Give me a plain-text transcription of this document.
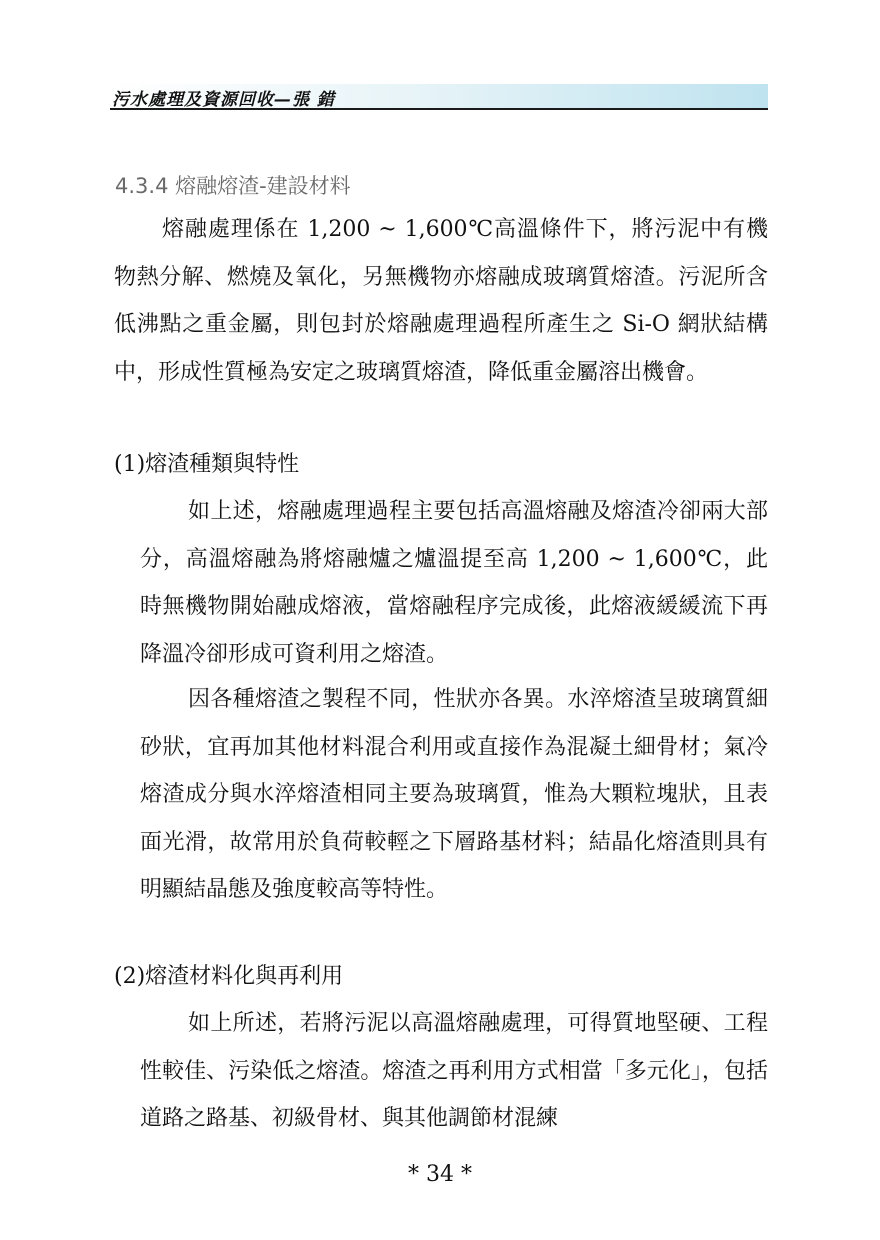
污水處理及資源回收—張 錯
4.3.4 熔融熔渣-建設材料

熔融處理係在 1,200 ~ 1,600℃高溫條件下，將污泥中有機物熱分解、燃燒及氧化，另無機物亦熔融成玻璃質熔渣。污泥所含低沸點之重金屬，則包封於熔融處理過程所產生之 Si-O 網狀結構中，形成性質極為安定之玻璃質熔渣，降低重金屬溶出機會。

(1)熔渣種類與特性

如上述，熔融處理過程主要包括高溫熔融及熔渣冷卻兩大部分，高溫熔融為將熔融爐之爐溫提至高 1,200 ~ 1,600℃，此時無機物開始融成熔液，當熔融程序完成後，此熔液緩緩流下再降溫冷卻形成可資利用之熔渣。

因各種熔渣之製程不同，性狀亦各異。水淬熔渣呈玻璃質細砂狀，宜再加其他材料混合利用或直接作為混凝土細骨材；氣冷熔渣成分與水淬熔渣相同主要為玻璃質，惟為大顆粒塊狀，且表面光滑，故常用於負荷較輕之下層路基材料；結晶化熔渣則具有明顯結晶態及強度較高等特性。

(2)熔渣材料化與再利用

如上所述，若將污泥以高溫熔融處理，可得質地堅硬、工程性較佳、污染低之熔渣。熔渣之再利用方式相當「多元化」，包括道路之路基、初級骨材、與其他調節材混練

* 34 *
